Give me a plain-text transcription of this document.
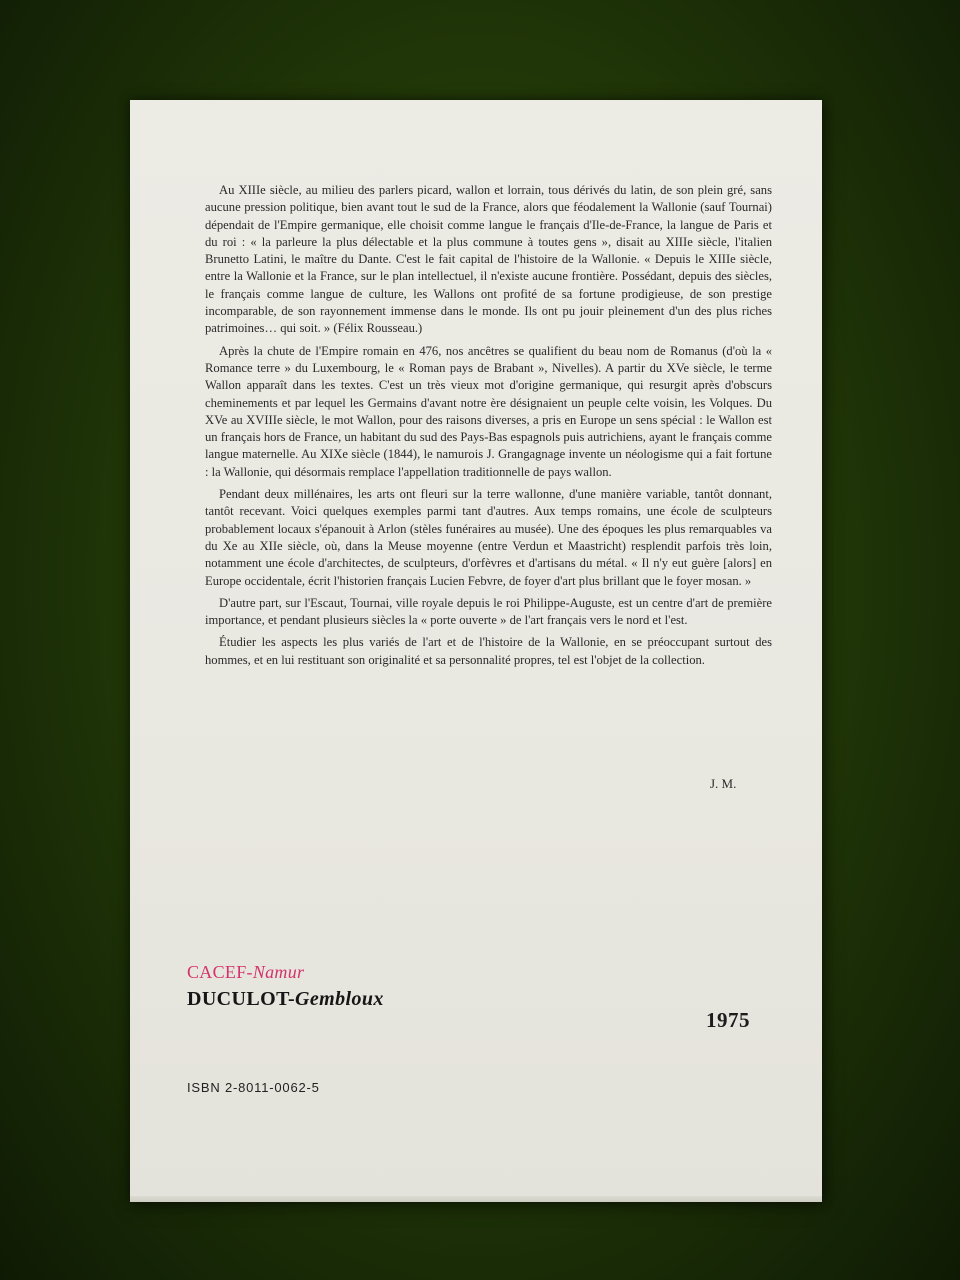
Au XIIIe siècle, au milieu des parlers picard, wallon et lorrain, tous dérivés du latin, de son plein gré, sans aucune pression politique, bien avant tout le sud de la France, alors que féodalement la Wallonie (sauf Tournai) dépendait de l'Empire germanique, elle choisit comme langue le français d'Ile-de-France, la langue de Paris et du roi : « la parleure la plus délectable et la plus commune à toutes gens », disait au XIIIe siècle, l'italien Brunetto Latini, le maître du Dante. C'est le fait capital de l'histoire de la Wallonie. « Depuis le XIIIe siècle, entre la Wallonie et la France, sur le plan intellectuel, il n'existe aucune frontière. Possédant, depuis des siècles, le français comme langue de culture, les Wallons ont profité de sa fortune prodigieuse, de son prestige incomparable, de son rayonnement immense dans le monde. Ils ont pu jouir pleinement d'un des plus riches patrimoines… qui soit. » (Félix Rousseau.)

Après la chute de l'Empire romain en 476, nos ancêtres se qualifient du beau nom de Romanus (d'où la « Romance terre » du Luxembourg, le « Roman pays de Brabant », Nivelles). A partir du XVe siècle, le terme Wallon apparaît dans les textes. C'est un très vieux mot d'origine germanique, qui resurgit après d'obscurs cheminements et par lequel les Germains d'avant notre ère désignaient un peuple celte voisin, les Volques. Du XVe au XVIIIe siècle, le mot Wallon, pour des raisons diverses, a pris en Europe un sens spécial : le Wallon est un français hors de France, un habitant du sud des Pays-Bas espagnols puis autrichiens, ayant le français comme langue maternelle. Au XIXe siècle (1844), le namurois J. Grangagnage invente un néologisme qui a fait fortune : la Wallonie, qui désormais remplace l'appellation traditionnelle de pays wallon.

Pendant deux millénaires, les arts ont fleuri sur la terre wallonne, d'une manière variable, tantôt donnant, tantôt recevant. Voici quelques exemples parmi tant d'autres. Aux temps romains, une école de sculpteurs probablement locaux s'épanouit à Arlon (stèles funéraires au musée). Une des époques les plus remarquables va du Xe au XIIe siècle, où, dans la Meuse moyenne (entre Verdun et Maastricht) resplendit parfois très loin, notamment une école d'architectes, de sculpteurs, d'orfèvres et d'artisans du métal. « Il n'y eut guère [alors] en Europe occidentale, écrit l'historien français Lucien Febvre, de foyer d'art plus brillant que le foyer mosan. »

D'autre part, sur l'Escaut, Tournai, ville royale depuis le roi Philippe-Auguste, est un centre d'art de première importance, et pendant plusieurs siècles la « porte ouverte » de l'art français vers le nord et l'est.

Étudier les aspects les plus variés de l'art et de l'histoire de la Wallonie, en se préoccupant surtout des hommes, et en lui restituant son originalité et sa personnalité propres, tel est l'objet de la collection.

J. M.
CACEF-Namur
DUCULOT-Gembloux
1975
ISBN 2-8011-0062-5
